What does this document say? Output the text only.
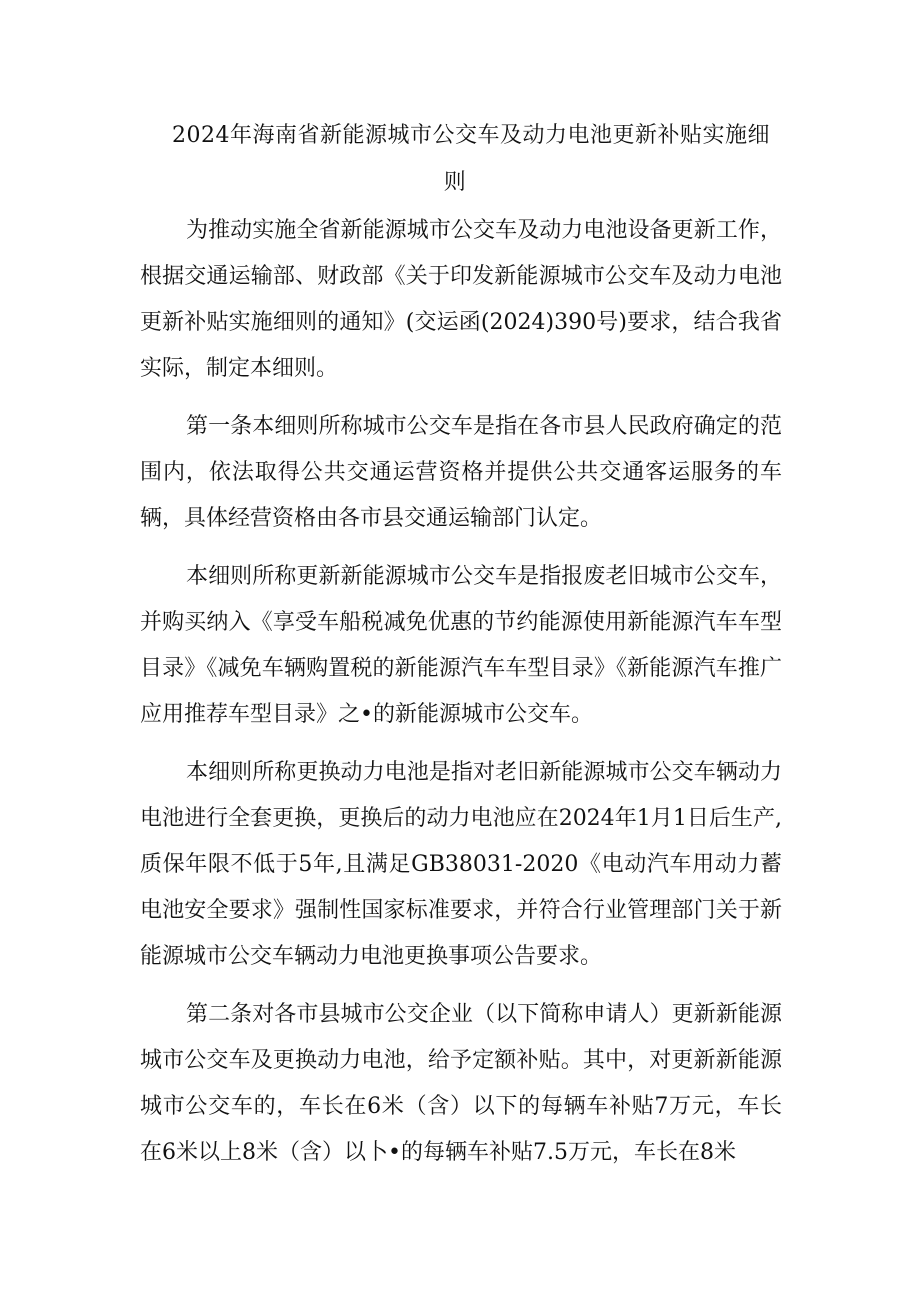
2024年海南省新能源城市公交车及动力电池更新补贴实施细
则

为推动实施全省新能源城市公交车及动力电池设备更新工作，根据交通运输部、财政部《关于印发新能源城市公交车及动力电池更新补贴实施细则的通知》(交运函(2024)390号)要求，结合我省实际，制定本细则。

第一条本细则所称城市公交车是指在各市县人民政府确定的范围内，依法取得公共交通运营资格并提供公共交通客运服务的车辆，具体经营资格由各市县交通运输部门认定。

本细则所称更新新能源城市公交车是指报废老旧城市公交车，并购买纳入《享受车船税减免优惠的节约能源使用新能源汽车车型目录》《减免车辆购置税的新能源汽车车型目录》《新能源汽车推广应用推荐车型目录》之•的新能源城市公交车。

本细则所称更换动力电池是指对老旧新能源城市公交车辆动力电池进行全套更换，更换后的动力电池应在2024年1月1日后生产,质保年限不低于5年,且满足GB38031-2020《电动汽车用动力蓄电池安全要求》强制性国家标准要求，并符合行业管理部门关于新能源城市公交车辆动力电池更换事项公告要求。

第二条对各市县城市公交企业（以下简称申请人）更新新能源城市公交车及更换动力电池，给予定额补贴。其中，对更新新能源城市公交车的，车长在6米（含）以下的每辆车补贴7万元，车长在6米以上8米（含）以卜•的每辆车补贴7.5万元，车长在8米
